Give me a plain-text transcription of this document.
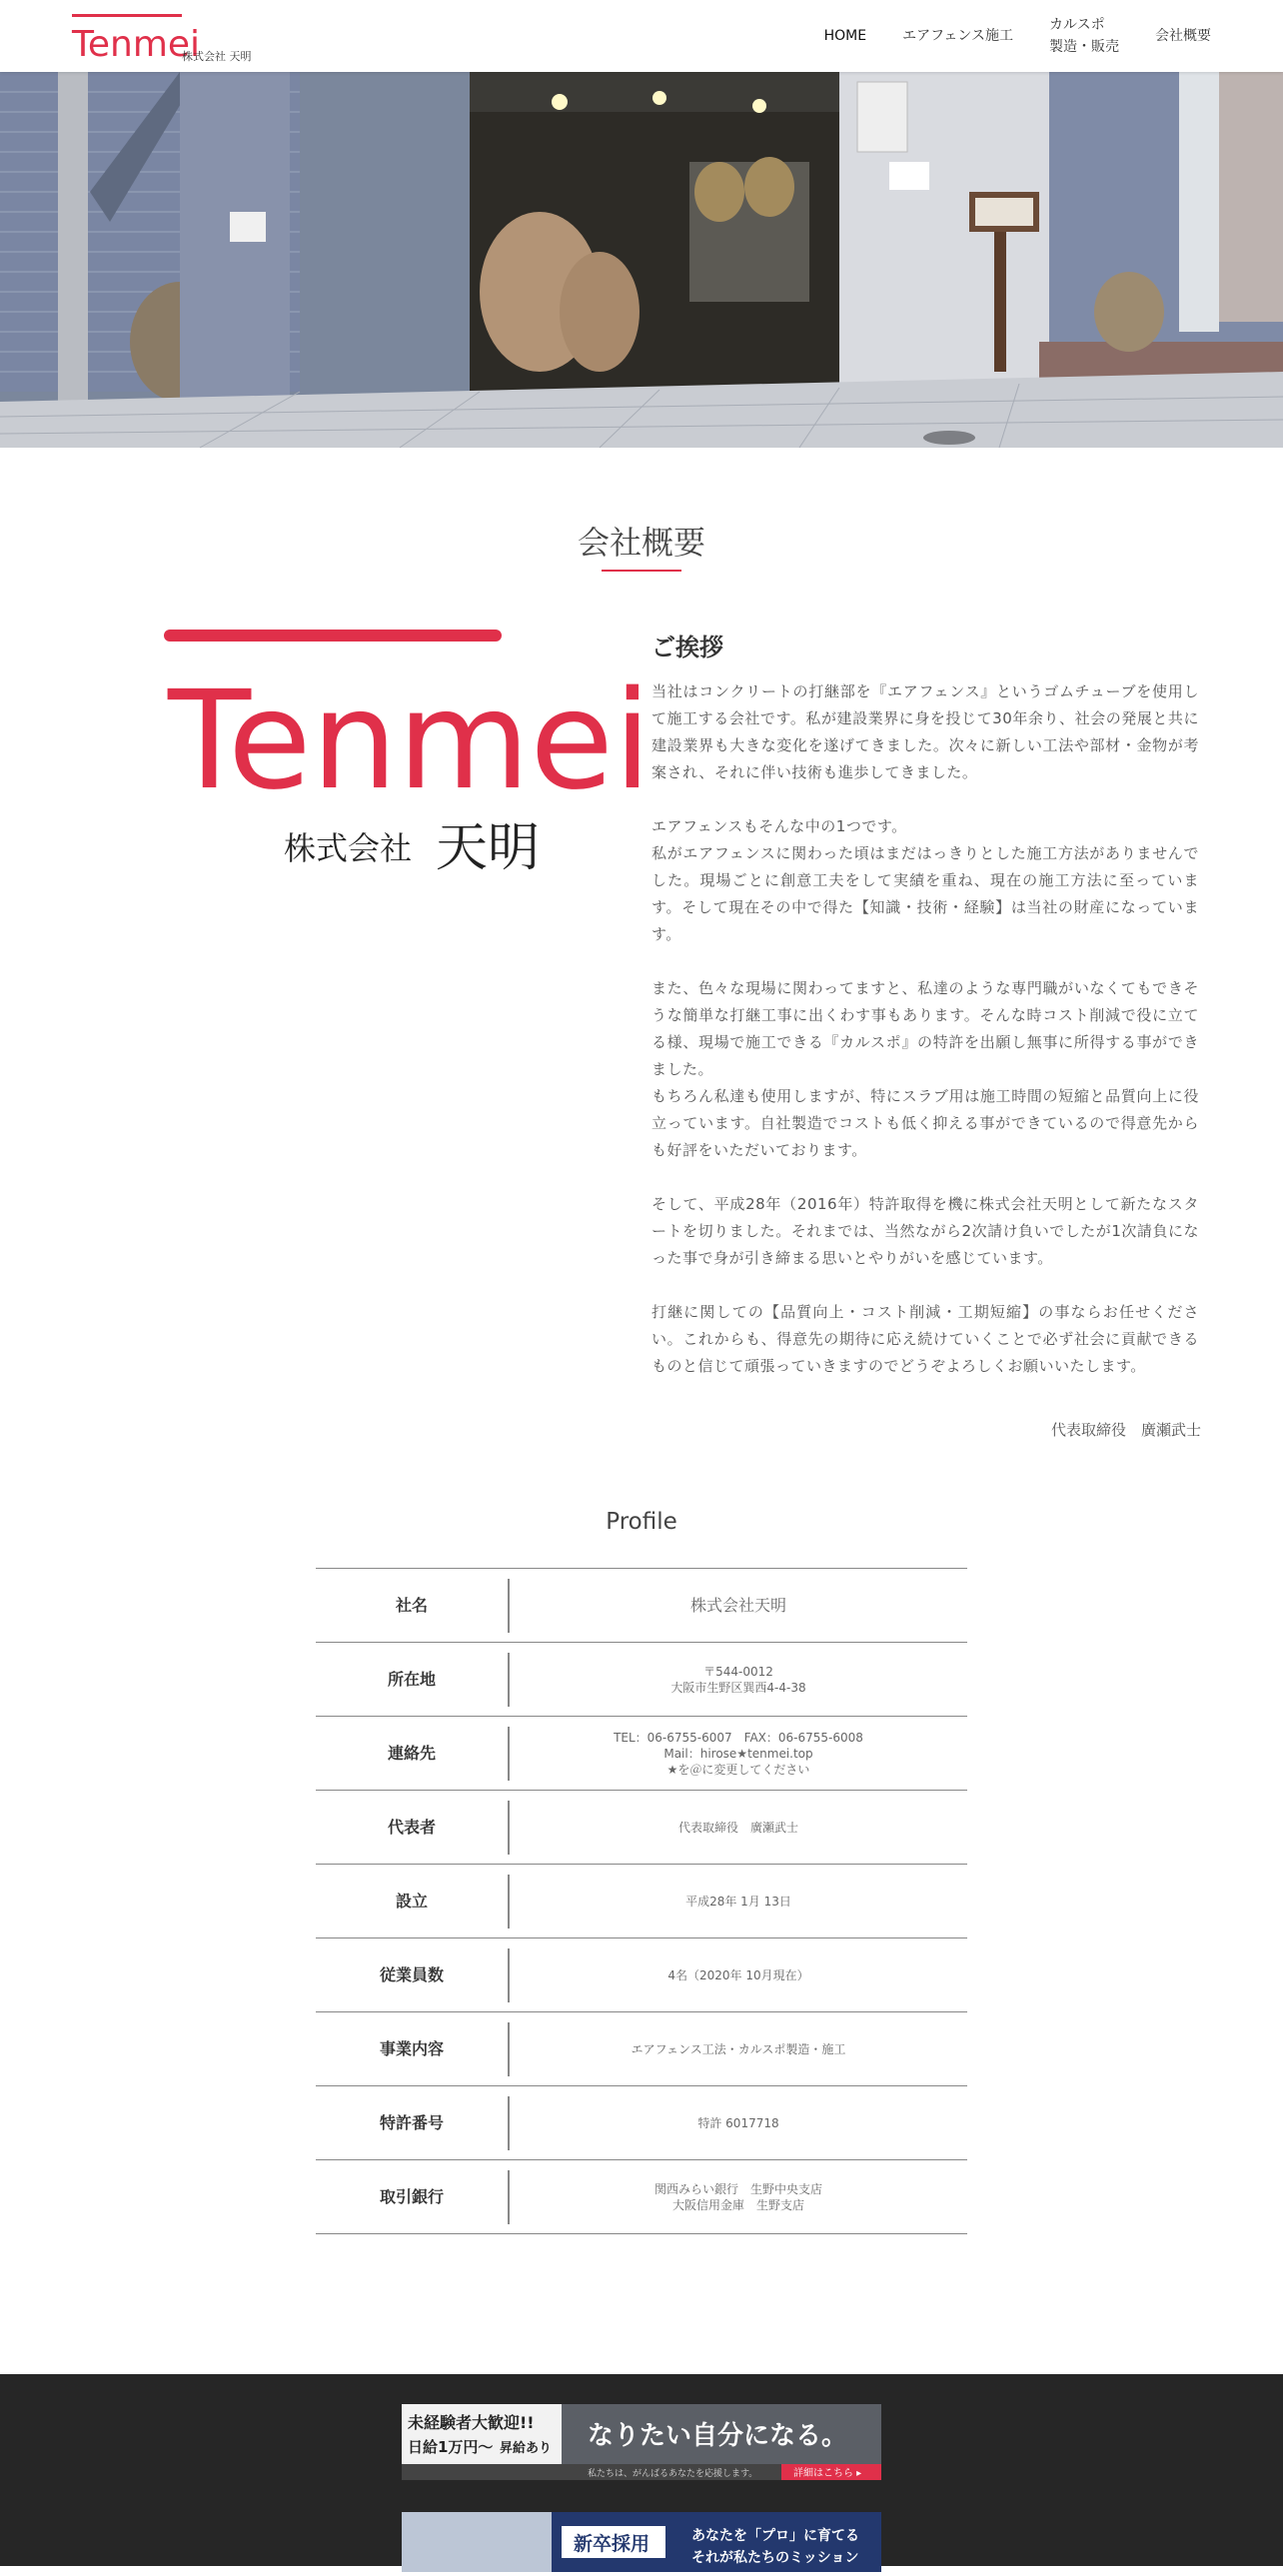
Tenmei
株式会社 天明
HOME	エアフェンス施工
カルスポ
製造・販売
会社概要
会社概要
Tenmei
株式会社 天明
ご挨拶

当社はコンクリートの打継部を『エアフェンス』というゴムチューブを使用して施工する会社です。私が建設業界に身を投じて30年余り、社会の発展と共に建設業界も大きな変化を遂げてきました。次々に新しい工法や部材・金物が考案され、それに伴い技術も進歩してきました。

エアフェンスもそんな中の1つです。

私がエアフェンスに関わった頃はまだはっきりとした施工方法がありませんでした。現場ごとに創意工夫をして実績を重ね、現在の施工方法に至っています。そして現在その中で得た【知識・技術・経験】は当社の財産になっています。

また、色々な現場に関わってますと、私達のような専門職がいなくてもできそうな簡単な打継工事に出くわす事もあります。そんな時コスト削減で役に立てる様、現場で施工できる『カルスポ』の特許を出願し無事に所得する事ができました。

もちろん私達も使用しますが、特にスラブ用は施工時間の短縮と品質向上に役立っています。自社製造でコストも低く抑える事ができているので得意先からも好評をいただいております。

そして、平成28年（2016年）特許取得を機に株式会社天明として新たなスタートを切りました。それまでは、当然ながら2次請け負いでしたが1次請負になった事で身が引き締まる思いとやりがいを感じています。

打継に関しての【品質向上・コスト削減・工期短縮】の事ならお任せください。これからも、得意先の期待に応え続けていくことで必ず社会に貢献できるものと信じて頑張っていきますのでどうぞよろしくお願いいたします。

代表取締役　廣瀬武士
Profile
社名	株式会社天明
所在地	〒544-0012
大阪市生野区巽西4-4-38
連絡先
TEL：06-6755-6007　FAX：06-6755-6008
Mail：hirose★tenmei.top
★を＠に変更してください
代表者	代表取締役　廣瀬武士
設立	平成28年 1月 13日
従業員数	4名（2020年 10月現在）
事業内容	エアフェンス工法・カルスポ製造・施工
特許番号	特許 6017718
取引銀行	関西みらい銀行　生野中央支店
大阪信用金庫　生野支店
未経験者大歓迎!!
日給1万円〜 昇給あり なりたい自分になる。
私たちは、がんばるあなたを応援します。	詳細はこちら ▸
新卒採用	あなたを「プロ」に育てる
それが私たちのミッション
